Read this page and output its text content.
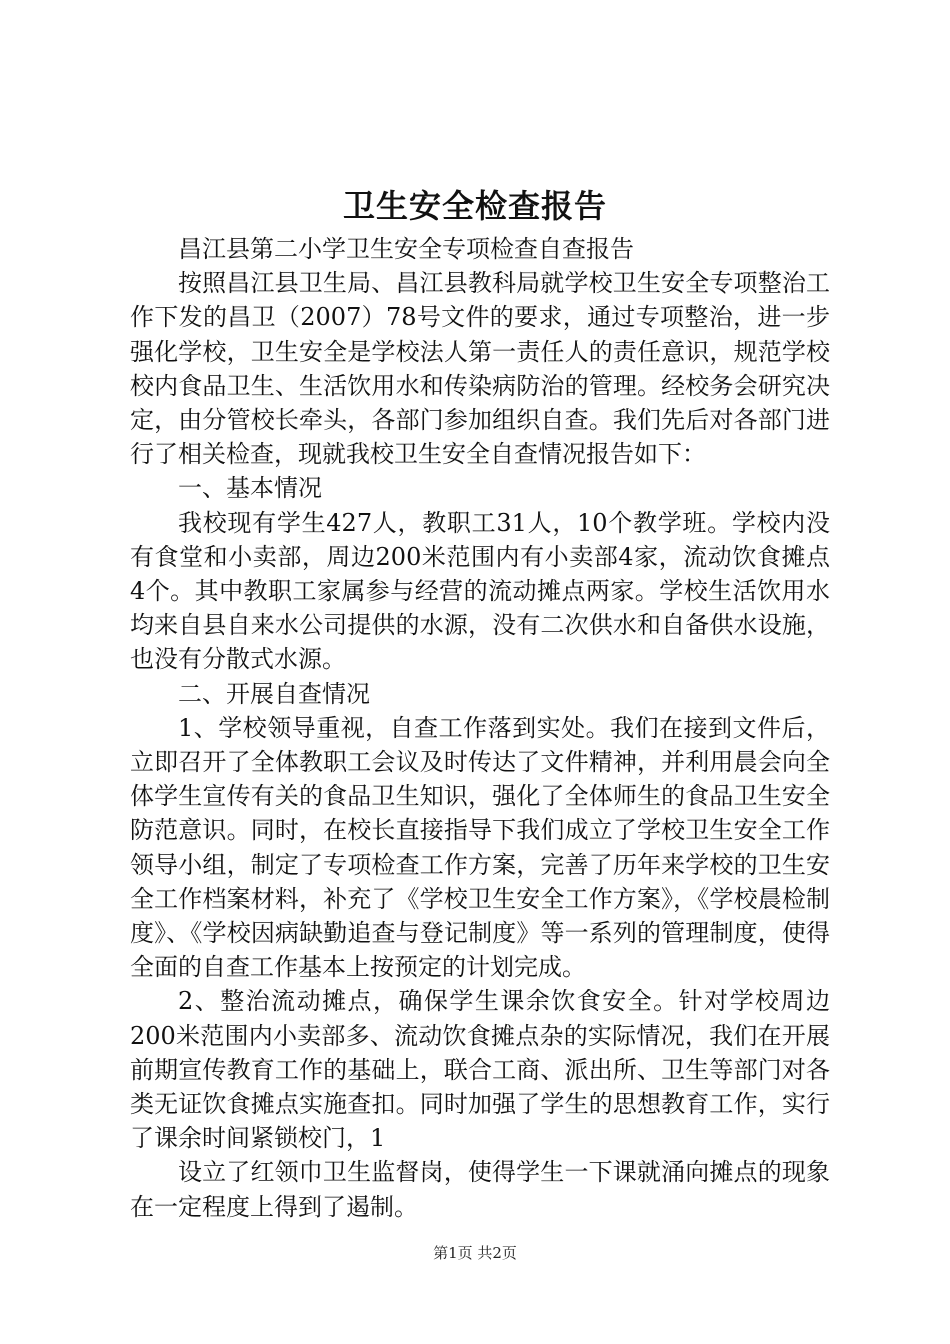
卫生安全检查报告

昌江县第二小学卫生安全专项检查自查报告

按照昌江县卫生局、昌江县教科局就学校卫生安全专项整治工作下发的昌卫（2007）78号文件的要求，通过专项整治，进一步强化学校，卫生安全是学校法人第一责任人的责任意识，规范学校校内食品卫生、生活饮用水和传染病防治的管理。经校务会研究决定，由分管校长牵头，各部门参加组织自查。我们先后对各部门进行了相关检查，现就我校卫生安全自查情况报告如下：

一、基本情况

我校现有学生427人，教职工31人，10个教学班。学校内没有食堂和小卖部，周边200米范围内有小卖部4家，流动饮食摊点4个。其中教职工家属参与经营的流动摊点两家。学校生活饮用水均来自县自来水公司提供的水源，没有二次供水和自备供水设施，也没有分散式水源。

二、开展自查情况

1、学校领导重视，自查工作落到实处。我们在接到文件后，立即召开了全体教职工会议及时传达了文件精神，并利用晨会向全体学生宣传有关的食品卫生知识，强化了全体师生的食品卫生安全防范意识。同时，在校长直接指导下我们成立了学校卫生安全工作领导小组，制定了专项检查工作方案，完善了历年来学校的卫生安全工作档案材料，补充了《学校卫生安全工作方案》，《学校晨检制度》、《学校因病缺勤追查与登记制度》等一系列的管理制度，使得全面的自查工作基本上按预定的计划完成。

2、整治流动摊点，确保学生课余饮食安全。针对学校周边200米范围内小卖部多、流动饮食摊点杂的实际情况，我们在开展前期宣传教育工作的基础上，联合工商、派出所、卫生等部门对各类无证饮食摊点实施查扣。同时加强了学生的思想教育工作，实行了课余时间紧锁校门，1

设立了红领巾卫生监督岗，使得学生一下课就涌向摊点的现象在一定程度上得到了遏制。

第1页 共2页
